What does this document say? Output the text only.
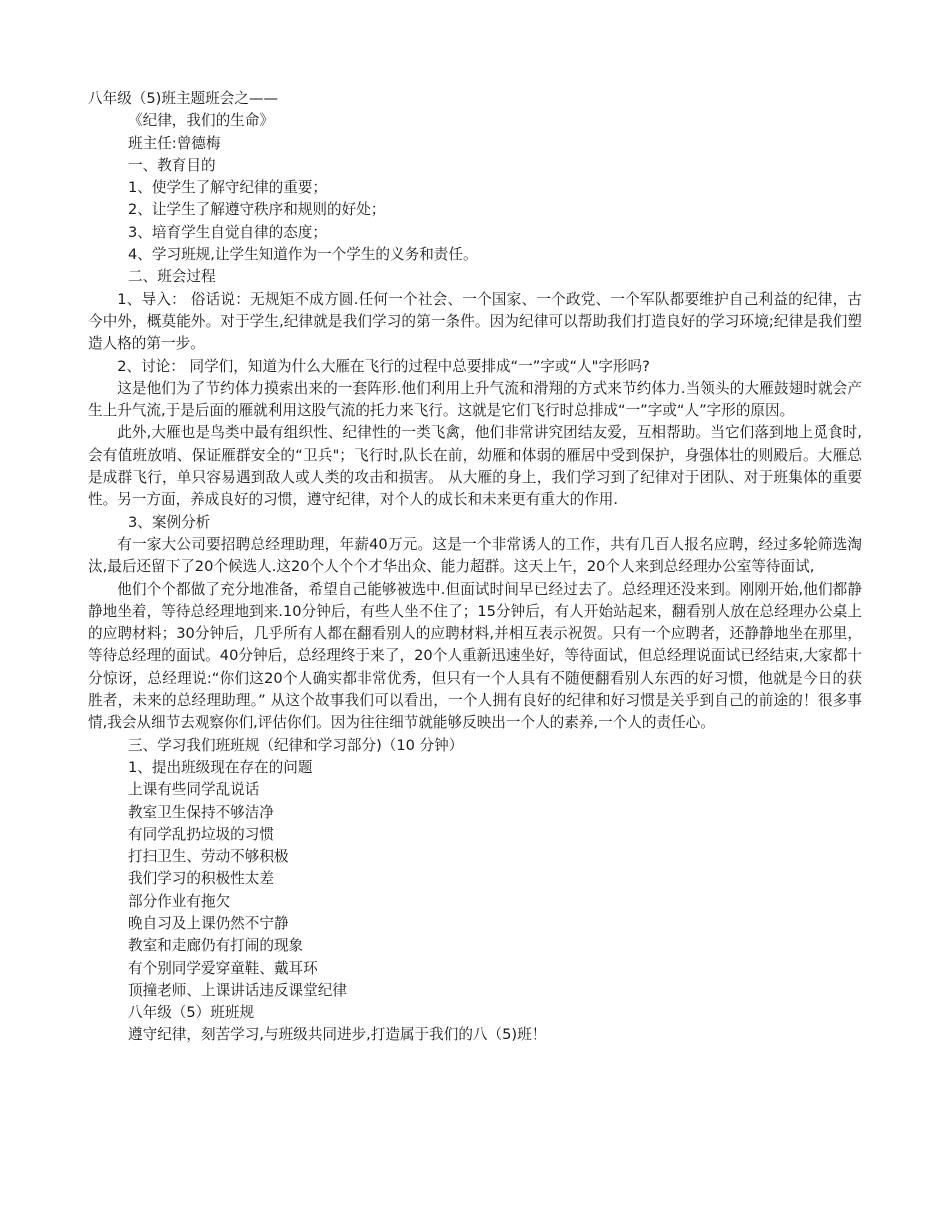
八年级（5)班主题班会之——
《纪律，我们的生命》
班主任:曾德梅
一、教育目的
1、使学生了解守纪律的重要；
2、让学生了解遵守秩序和规则的好处；
3、培育学生自觉自律的态度；
4、学习班规,让学生知道作为一个学生的义务和责任。
二、班会过程

1、导入： 俗话说：无规矩不成方圆.任何一个社会、一个国家、一个政党、一个军队都要维护自己利益的纪律，古今中外，概莫能外。对于学生,纪律就是我们学习的第一条件。因为纪律可以帮助我们打造良好的学习环境;纪律是我们塑造人格的第一步。

2、讨论： 同学们，知道为什么大雁在飞行的过程中总要排成“一”字或“人"字形吗?

这是他们为了节约体力摸索出来的一套阵形.他们利用上升气流和滑翔的方式来节约体力.当领头的大雁鼓翅时就会产生上升气流,于是后面的雁就利用这股气流的托力来飞行。这就是它们飞行时总排成“一”字或“人”字形的原因。

此外,大雁也是鸟类中最有组织性、纪律性的一类飞禽，他们非常讲究团结友爱，互相帮助。当它们落到地上觅食时,会有值班放哨、保证雁群安全的“卫兵"；飞行时,队长在前，幼雁和体弱的雁居中受到保护，身强体壮的则殿后。大雁总是成群飞行，单只容易遇到敌人或人类的攻击和损害。 从大雁的身上，我们学习到了纪律对于团队、对于班集体的重要性。另一方面，养成良好的习惯，遵守纪律，对个人的成长和未来更有重大的作用.

3、案例分析

有一家大公司要招聘总经理助理，年薪40万元。这是一个非常诱人的工作，共有几百人报名应聘，经过多轮筛选淘汰,最后还留下了20个候选人.这20个人个个才华出众、能力超群。这天上午，20个人来到总经理办公室等待面试,

他们个个都做了充分地准备，希望自己能够被选中.但面试时间早已经过去了。总经理还没来到。刚刚开始,他们都静静地坐着，等待总经理地到来.10分钟后，有些人坐不住了；15分钟后，有人开始站起来，翻看别人放在总经理办公桌上的应聘材料；30分钟后，几乎所有人都在翻看别人的应聘材料,并相互表示祝贺。只有一个应聘者，还静静地坐在那里，等待总经理的面试。40分钟后，总经理终于来了，20个人重新迅速坐好，等待面试，但总经理说面试已经结束,大家都十分惊讶，总经理说:“你们这20个人确实都非常优秀，但只有一个人具有不随便翻看别人东西的好习惯，他就是今日的获胜者，未来的总经理助理。” 从这个故事我们可以看出，一个人拥有良好的纪律和好习惯是关乎到自己的前途的！很多事情,我会从细节去观察你们,评估你们。因为往往细节就能够反映出一个人的素养,一个人的责任心。

三、学习我们班班规（纪律和学习部分)（10 分钟）
1、提出班级现在存在的问题
上课有些同学乱说话
教室卫生保持不够洁净
有同学乱扔垃圾的习惯
打扫卫生、劳动不够积极
我们学习的积极性太差
部分作业有拖欠
晚自习及上课仍然不宁静
教室和走廊仍有打闹的现象
有个别同学爱穿童鞋、戴耳环
顶撞老师、上课讲话违反课堂纪律
八年级（5）班班规
遵守纪律，刻苦学习,与班级共同进步,打造属于我们的八（5)班！
